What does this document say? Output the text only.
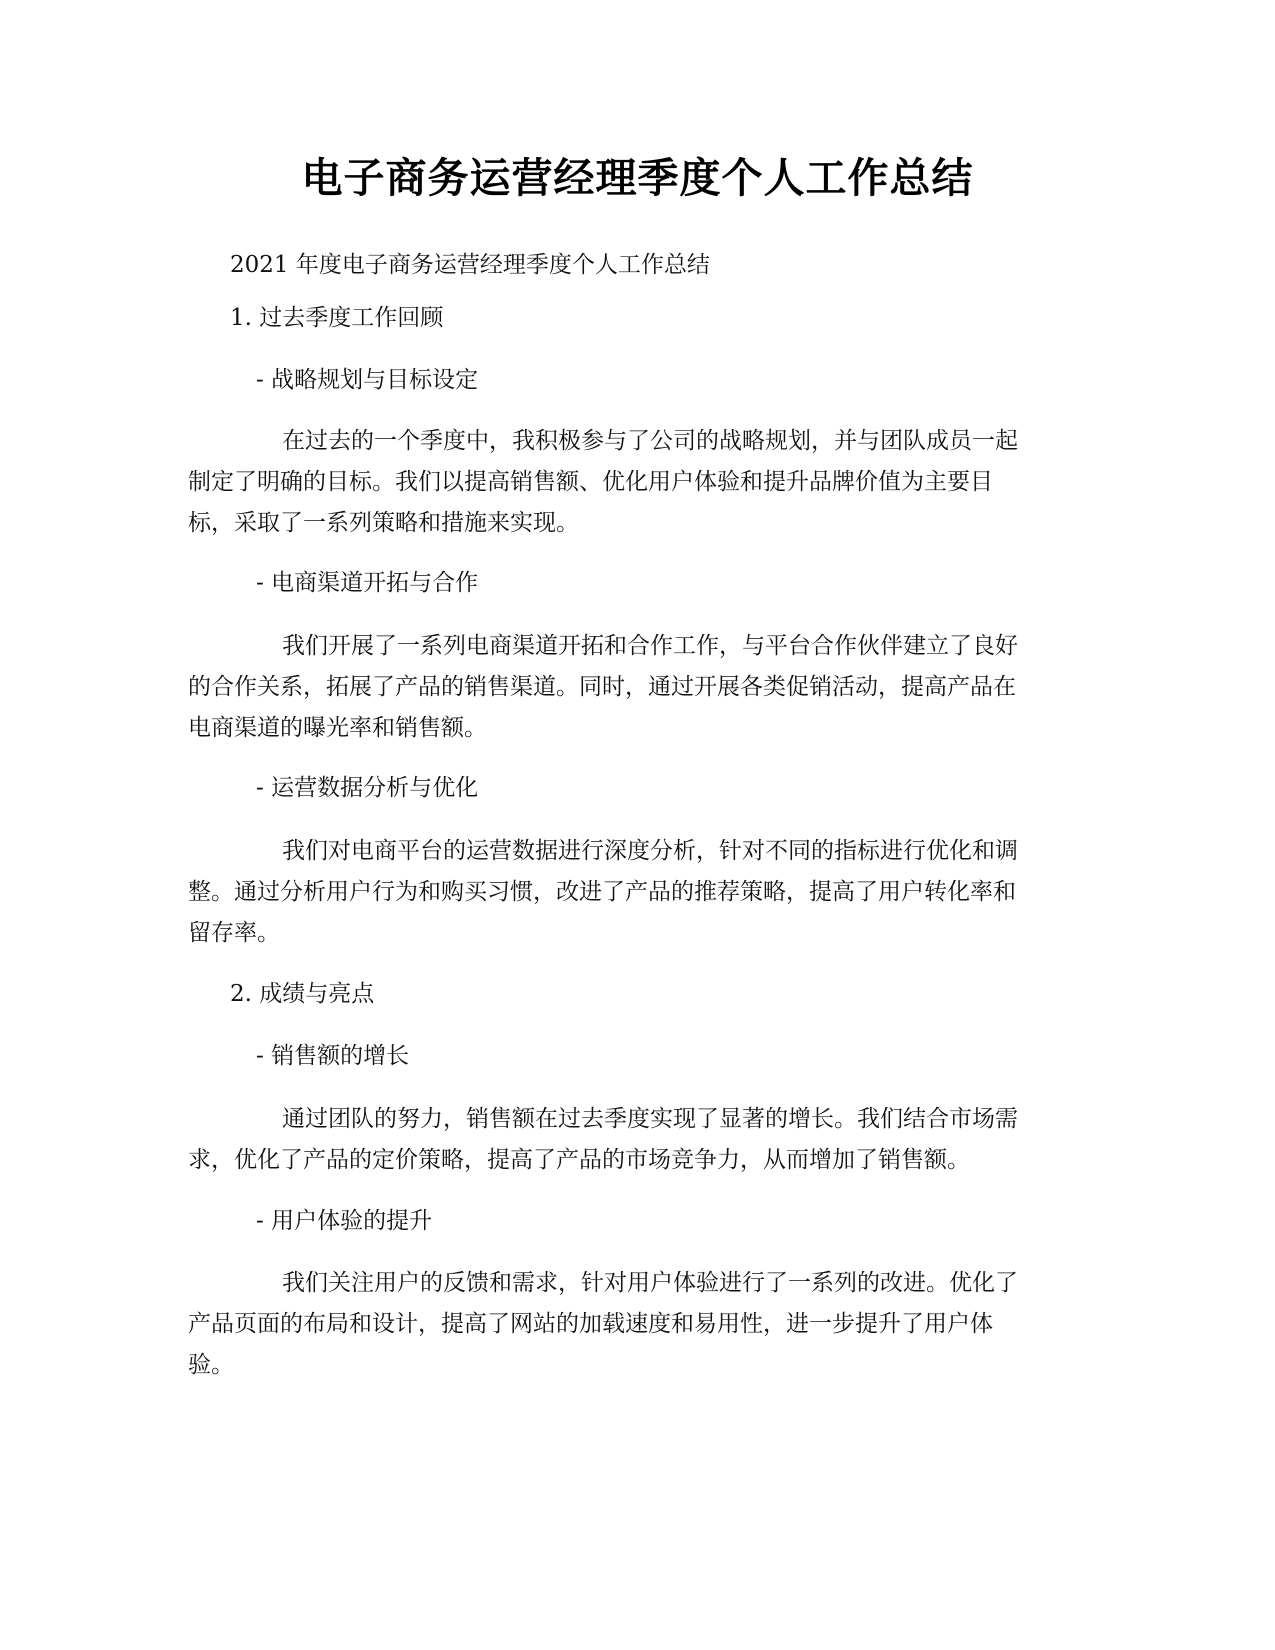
电子商务运营经理季度个人工作总结
2021 年度电子商务运营经理季度个人工作总结
1. 过去季度工作回顾
- 战略规划与目标设定
在过去的一个季度中，我积极参与了公司的战略规划，并与团队成员一起
制定了明确的目标。我们以提高销售额、优化用户体验和提升品牌价值为主要目
标，采取了一系列策略和措施来实现。
- 电商渠道开拓与合作
我们开展了一系列电商渠道开拓和合作工作，与平台合作伙伴建立了良好
的合作关系，拓展了产品的销售渠道。同时，通过开展各类促销活动，提高产品在
电商渠道的曝光率和销售额。
- 运营数据分析与优化
我们对电商平台的运营数据进行深度分析，针对不同的指标进行优化和调
整。通过分析用户行为和购买习惯，改进了产品的推荐策略，提高了用户转化率和
留存率。
2. 成绩与亮点
- 销售额的增长
通过团队的努力，销售额在过去季度实现了显著的增长。我们结合市场需
求，优化了产品的定价策略，提高了产品的市场竞争力，从而增加了销售额。
- 用户体验的提升
我们关注用户的反馈和需求，针对用户体验进行了一系列的改进。优化了
产品页面的布局和设计，提高了网站的加载速度和易用性，进一步提升了用户体
验。
